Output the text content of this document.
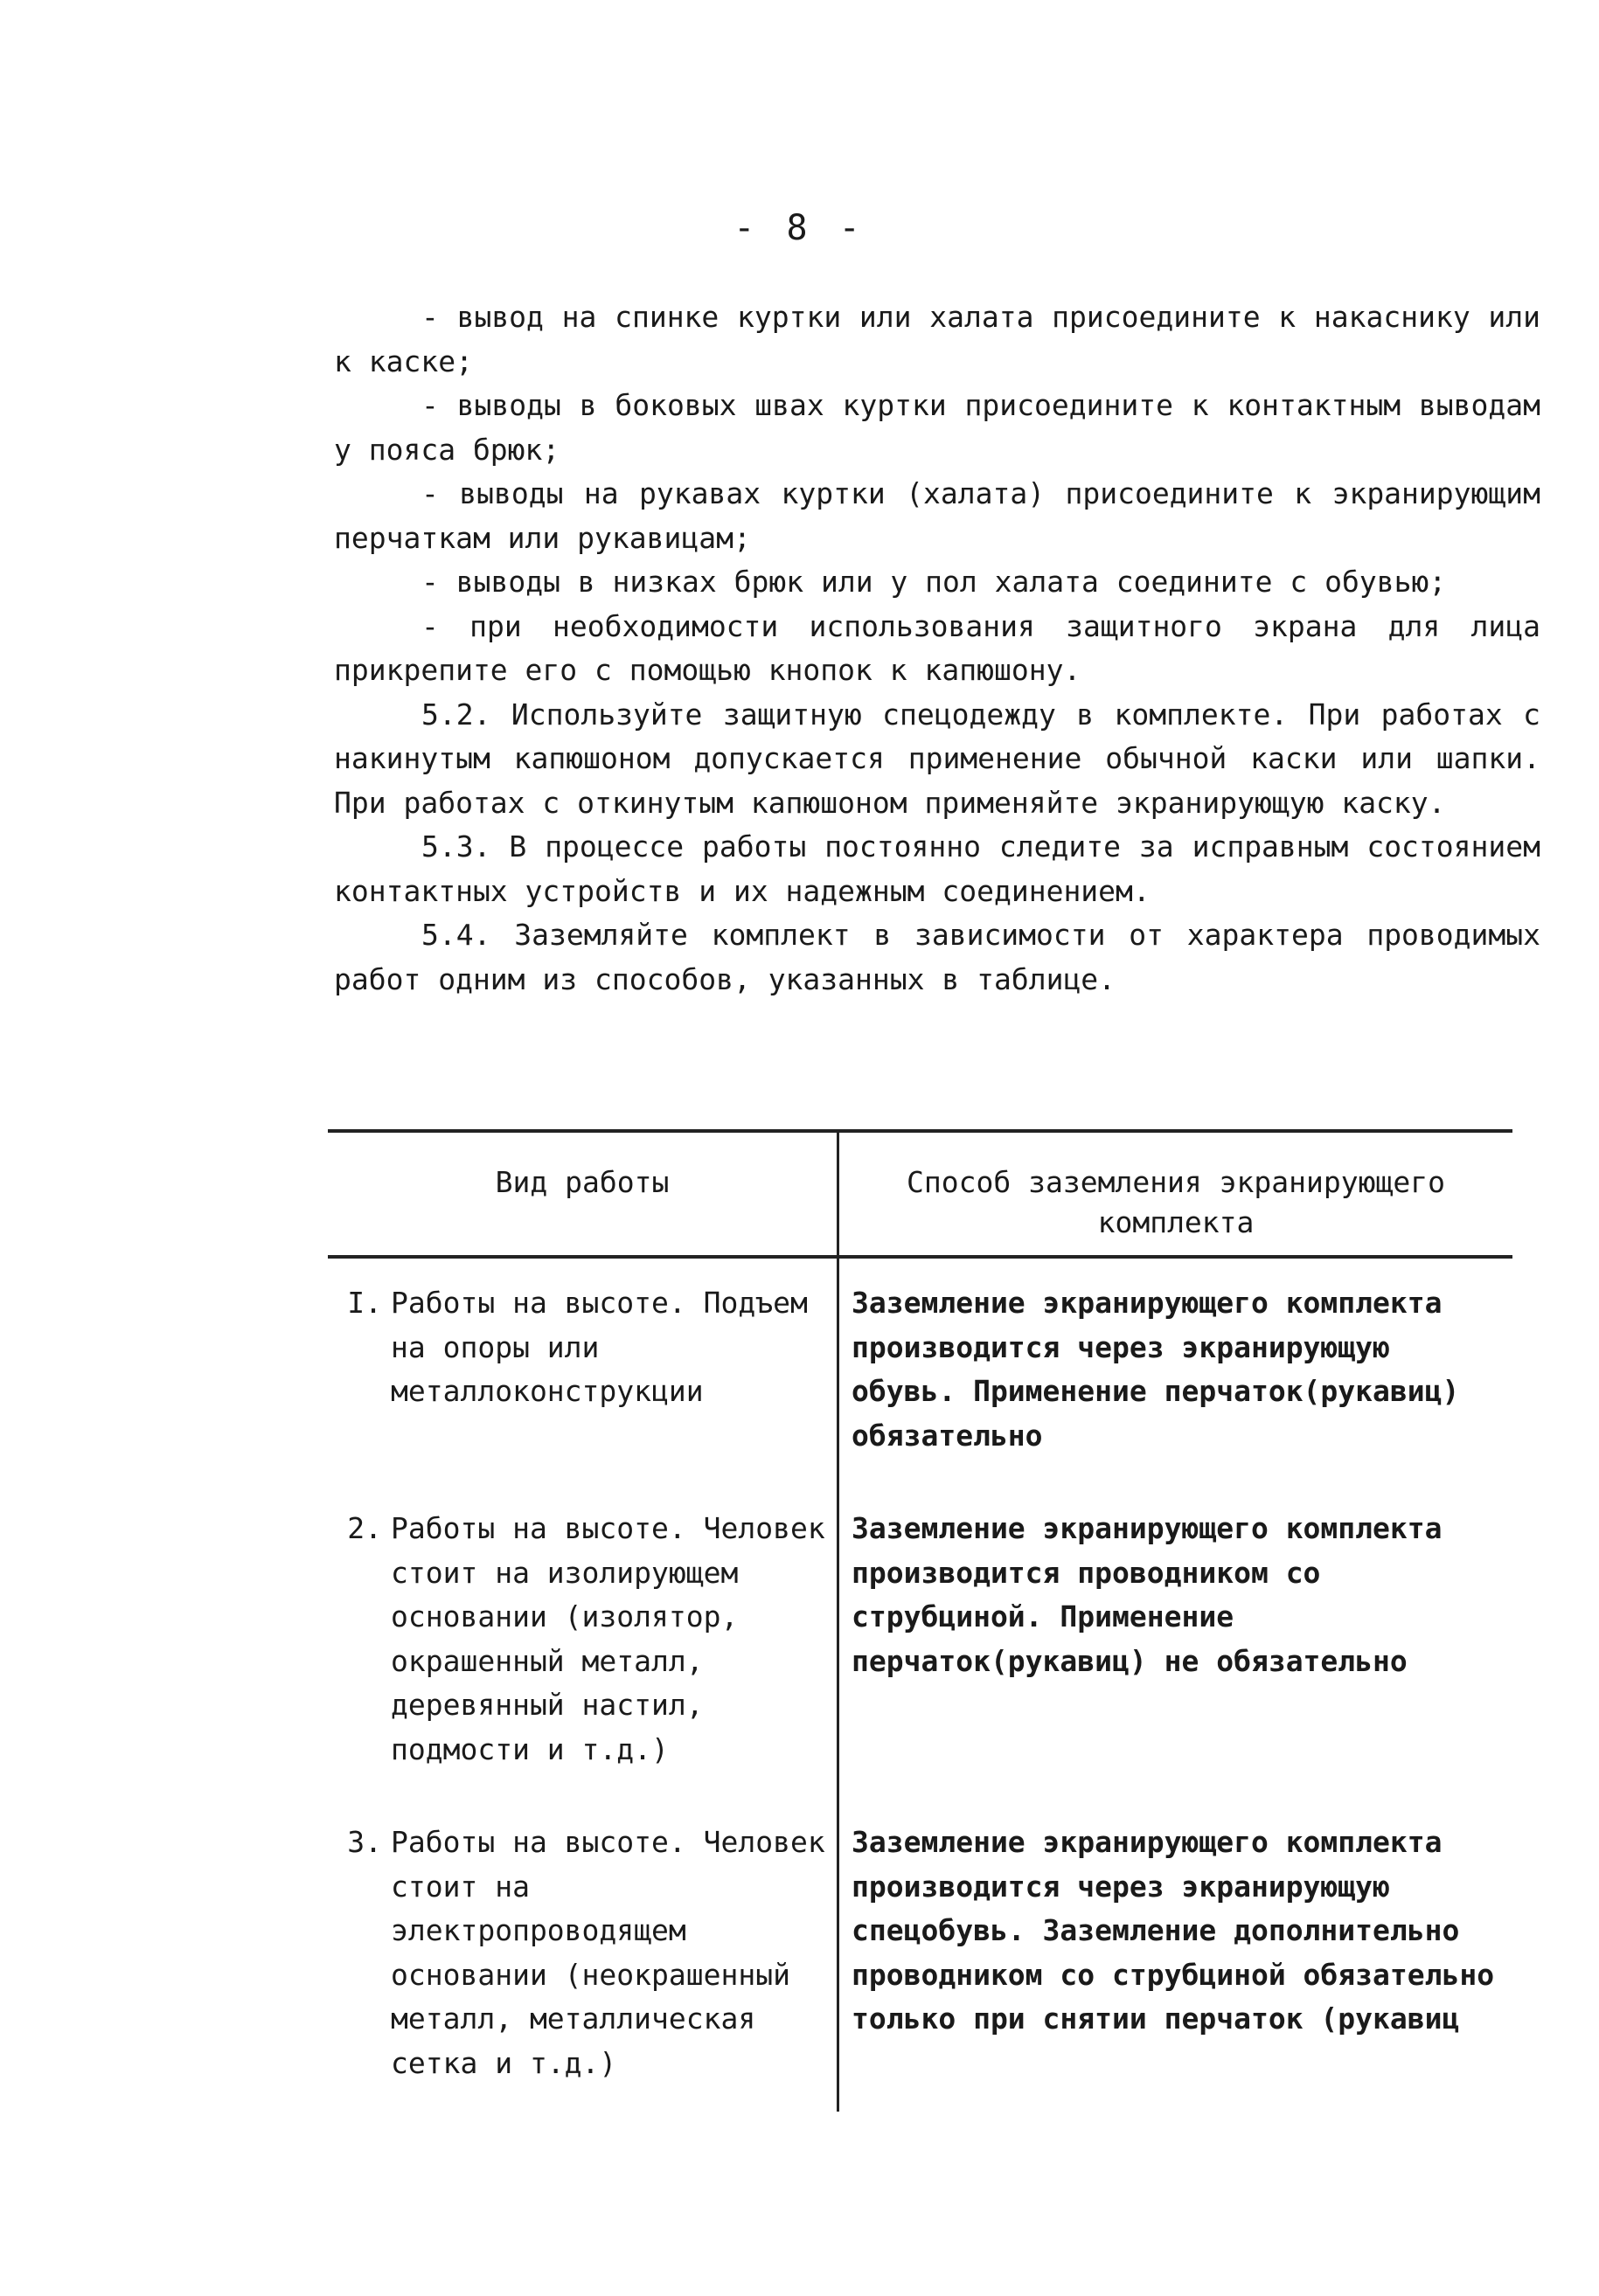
- 8 -

- вывод на спинке куртки или халата присоедините к накаснику или к каске;

- выводы в боковых швах куртки присоедините к контактным выводам у пояса брюк;

- выводы на рукавах куртки (халата) присоедините к экранирующим перчаткам или рукавицам;

- выводы в низках брюк или у пол халата соедините с обувью;

- при необходимости использования защитного экрана для лица прикрепите его с помощью кнопок к капюшону.

5.2. Используйте защитную спецодежду в комплекте. При работах с накинутым капюшоном допускается применение обычной каски или шапки. При работах с откинутым капюшоном применяйте экранирующую каску.

5.3. В процессе работы постоянно следите за исправным состоянием контактных устройств и их надежным соединением.

5.4. Заземляйте комплект в зависимости от характера проводимых работ одним из способов, указанных в таблице.

Вид работы	Способ заземления экранирующего комплекта
I. Работы на высоте. Подъем на опоры или металлоконструкции
Заземление экранирующего комплекта производится через экранирующую обувь. Применение перчаток(рукавиц) обязательно
2. Работы на высоте. Человек стоит на изолирующем основании (изолятор, окрашенный металл, деревянный настил, подмости и т.д.)
Заземление экранирующего комплекта производится проводником со струбциной. Применение перчаток(рукавиц) не обязательно
3. Работы на высоте. Человек стоит на электропроводящем основании (неокрашенный металл, металлическая сетка и т.д.)
Заземление экранирующего комплекта производится через экранирующую спецобувь. Заземление дополнительно проводником со струбциной обязательно только при снятии перчаток (рукавиц
